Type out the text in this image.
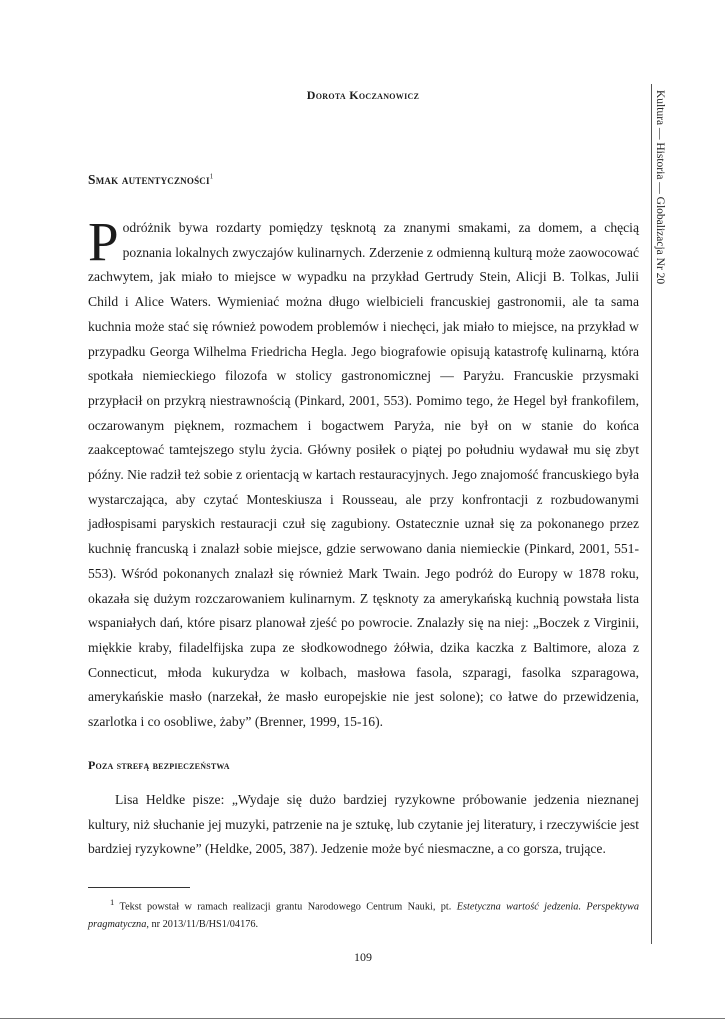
Dorota Koczanowicz	Kultura — Historia — Globalizacja Nr 20
Smak autentyczności$^1$
Podróżnik bywa rozdarty pomiędzy tęsknotą za znanymi smakami, za domem, a chęcią poznania lokalnych zwyczajów kulinarnych. Zderzenie z odmienną kulturą może zaowocować zachwytem, jak miało to miejsce w wypadku na przykład Gertrudy Stein, Alicji B. Tolkas, Julii Child i Alice Waters. Wymieniać można długo wielbicieli francuskiej gastronomii, ale ta sama kuchnia może stać się również powodem problemów i niechęci, jak miało to miejsce, na przykład w przypadku Georga Wilhelma Friedricha Hegla. Jego biografowie opisują katastrofę kulinarną, która spotkała niemieckiego filozofa w stolicy gastronomicznej — Paryżu. Francuskie przysmaki przypłacił on przykrą niestrawnością (Pinkard, 2001, 553). Pomimo tego, że Hegel był frankofilem, oczarowanym pięknem, rozmachem i bogactwem Paryża, nie był on w stanie do końca zaakceptować tamtejszego stylu życia. Główny posiłek o piątej po południu wydawał mu się zbyt późny. Nie radził też sobie z orientacją w kartach restauracyjnych. Jego znajomość francuskiego była wystarczająca, aby czytać Monteskiusza i Rousseau, ale przy konfrontacji z rozbudowanymi jadłospisami paryskich restauracji czuł się zagubiony. Ostatecznie uznał się za pokonanego przez kuchnię francuską i znalazł sobie miejsce, gdzie serwowano dania niemieckie (Pinkard, 2001, 551-553). Wśród pokonanych znalazł się również Mark Twain. Jego podróż do Europy w 1878 roku, okazała się dużym rozczarowaniem kulinarnym. Z tęsknoty za amerykańską kuchnią powstała lista wspaniałych dań, które pisarz planował zjeść po powrocie. Znalazły się na niej: „Boczek z Virginii, miękkie kraby, filadelfijska zupa ze słodkowodnego żółwia, dzika kaczka z Baltimore, aloza z Connecticut, młoda kukurydza w kolbach, masłowa fasola, szparagi, fasolka szparagowa, amerykańskie masło (narzekał, że masło europejskie nie jest solone); co łatwe do przewidzenia, szarlotka i co osobliwe, żaby” (Brenner, 1999, 15-16).
Poza strefą bezpieczeństwa
Lisa Heldke pisze: „Wydaje się dużo bardziej ryzykowne próbowanie jedzenia nieznanej kultury, niż słuchanie jej muzyki, patrzenie na je sztukę, lub czytanie jej literatury, i rzeczywiście jest bardziej ryzykowne” (Heldke, 2005, 387). Jedzenie może być niesmaczne, a co gorsza, trujące.
$^1$ Tekst powstał w ramach realizacji grantu Narodowego Centrum Nauki, pt. Estetyczna wartość jedzenia. Perspektywa pragmatyczna, nr 2013/11/B/HS1/04176.
109
